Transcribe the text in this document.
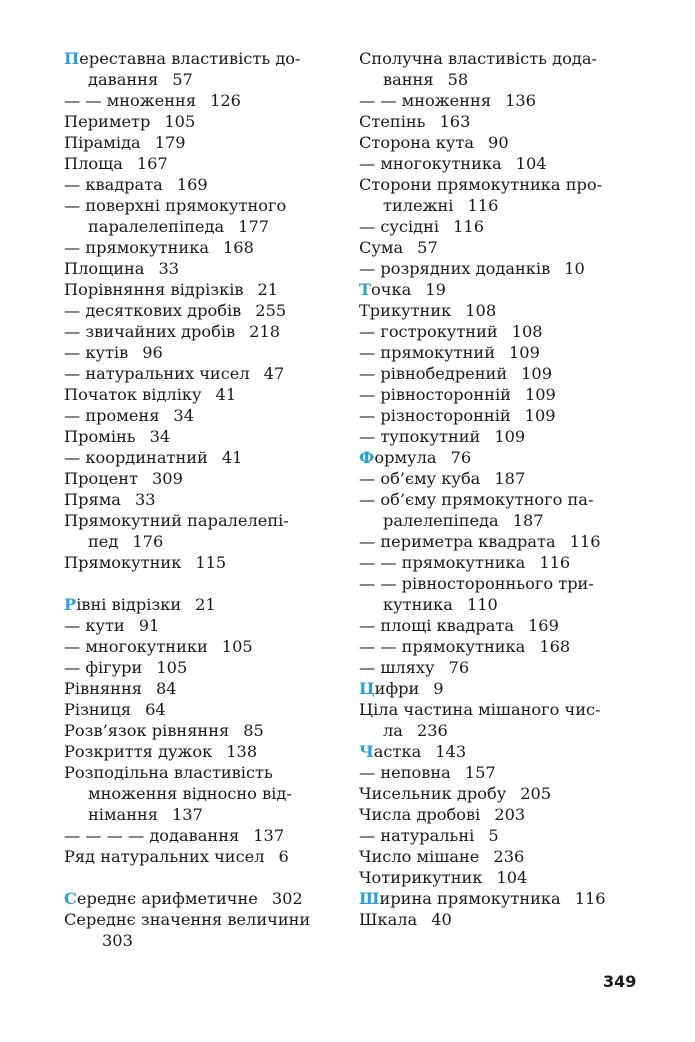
Переставна властивість до-
давання 57
— — множення 126
Периметр 105
Піраміда 179
Площа 167
— квадрата 169
— поверхні прямокутного
паралелепіпеда 177
— прямокутника 168
Площина 33
Порівняння відрізків 21
— десяткових дробів 255
— звичайних дробів 218
— кутів 96
— натуральних чисел 47
Початок відліку 41
— променя 34
Промінь 34
— координатний 41
Процент 309
Пряма 33
Прямокутний паралелепі-
пед 176
Прямокутник 115
Рівні відрізки 21
— кути 91
— многокутники 105
— фігури 105
Рівняння 84
Різниця 64
Розв’язок рівняння 85
Розкриття дужок 138
Розподільна властивість
множення відносно від-
німання 137
— — — — додавання 137
Ряд натуральних чисел 6
Середнє арифметичне 302
Середнє значення величини
303
Сполучна властивість дода-
вання 58
— — множення 136
Степінь 163
Сторона кута 90
— многокутника 104
Сторони прямокутника про-
тилежні 116
— сусідні 116
Сума 57
— розрядних доданків 10
Точка 19
Трикутник 108
— гострокутний 108
— прямокутний 109
— рівнобедрений 109
— рівносторонній 109
— різносторонній 109
— тупокутний 109
Формула 76
— об’єму куба 187
— об’єму прямокутного па-
ралелепіпеда 187
— периметра квадрата 116
— — прямокутника 116
— — рівностороннього три-
кутника 110
— площі квадрата 169
— — прямокутника 168
— шляху 76
Цифри 9
Ціла частина мішаного чис-
ла 236
Частка 143
— неповна 157
Чисельник дробу 205
Числа дробові 203
— натуральні 5
Число мішане 236
Чотирикутник 104
Ширина прямокутника 116
Шкала 40
349
